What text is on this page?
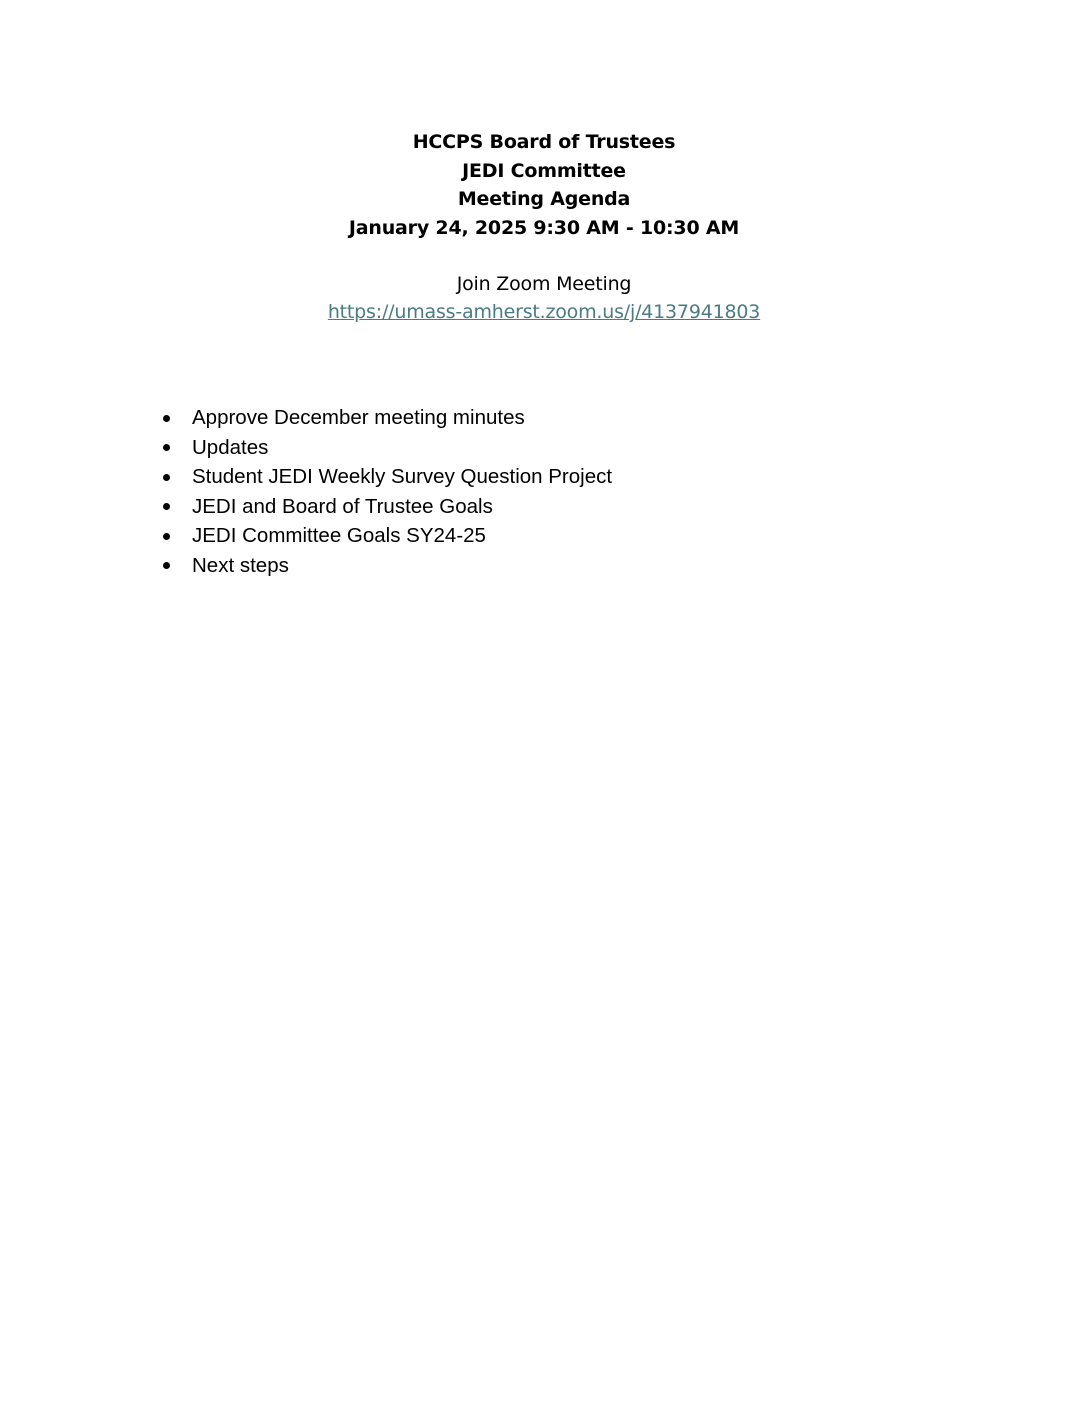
HCCPS Board of Trustees
JEDI Committee
Meeting Agenda
January 24, 2025 9:30 AM - 10:30 AM
Join Zoom Meeting
https://umass-amherst.zoom.us/j/4137941803
Approve December meeting minutes
Updates
Student JEDI Weekly Survey Question Project
JEDI and Board of Trustee Goals
JEDI Committee Goals SY24-25
Next steps
